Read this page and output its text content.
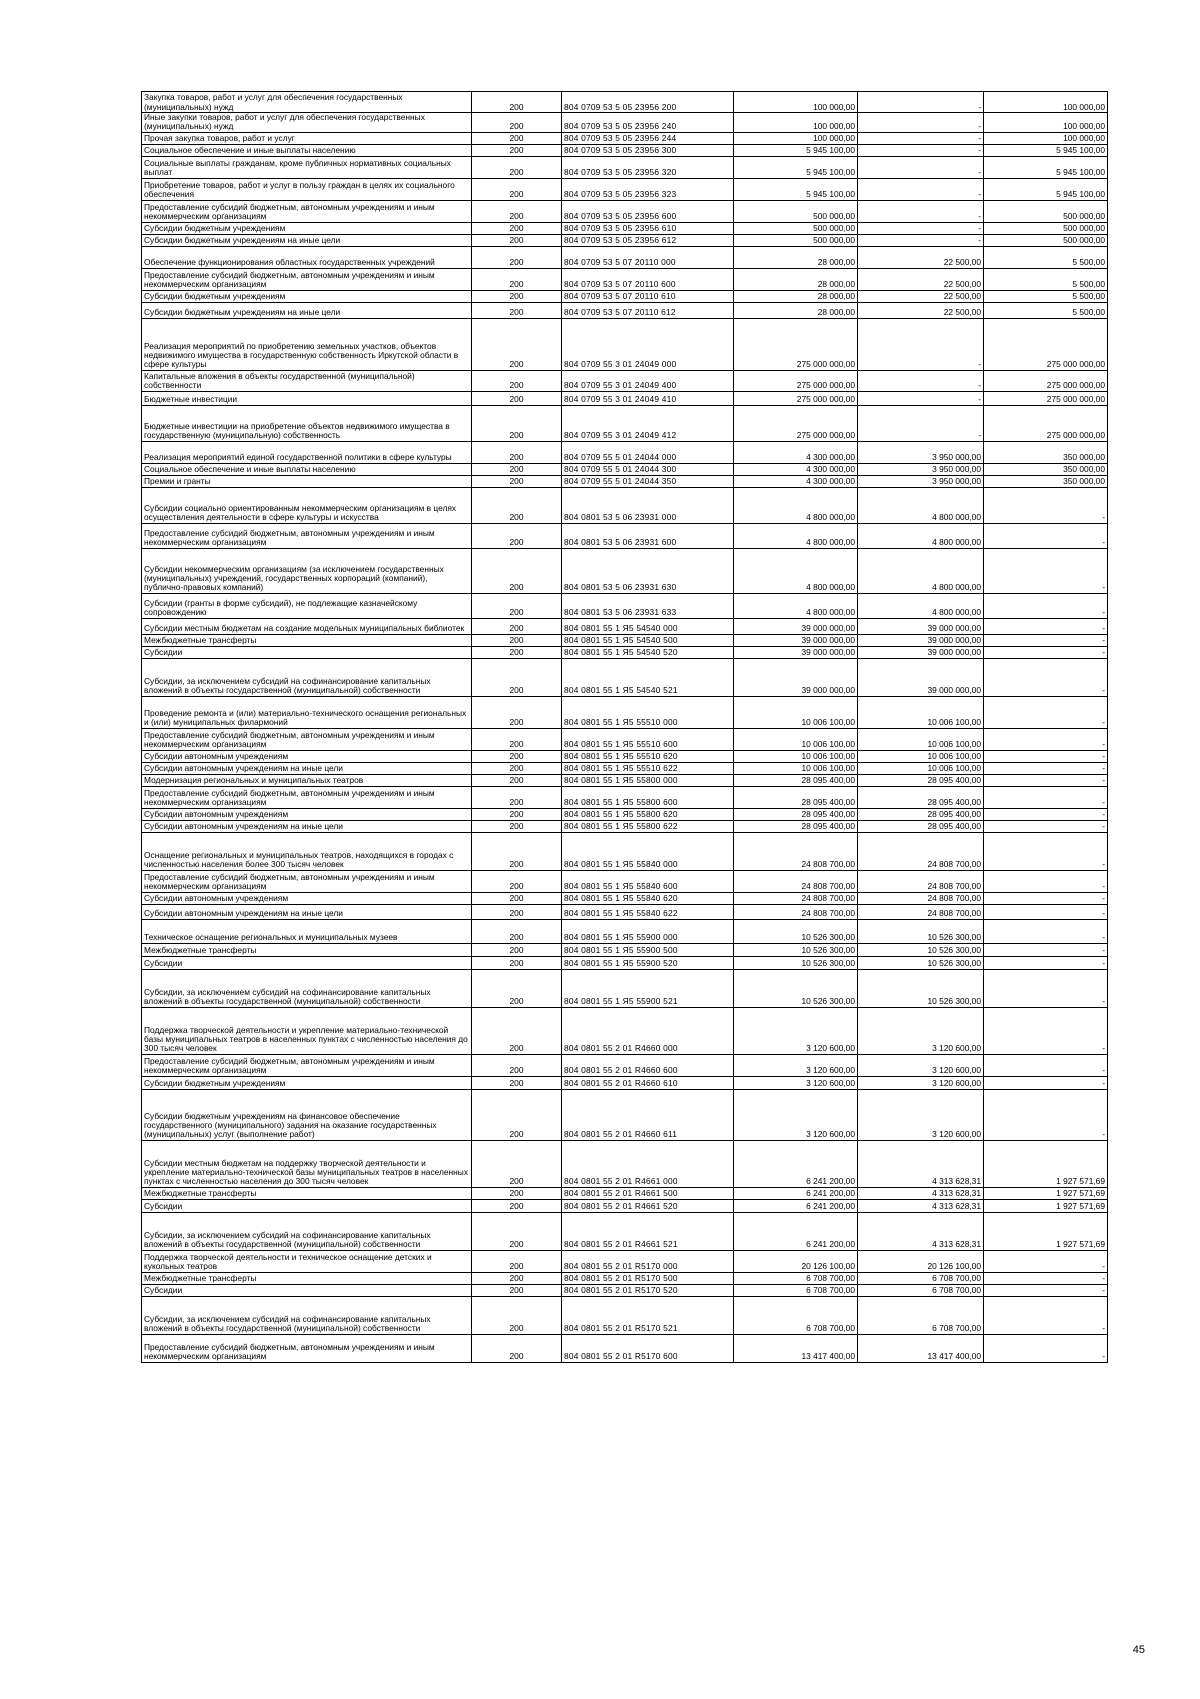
Закупка товаров, работ и услуг для обеспечения государственных (муниципальных) нужд	200	804 0709 53 5 05 23956 200	100 000,00	-	100 000,00
Иные закупки товаров, работ и услуг для обеспечения государственных (муниципальных) нужд	200	804 0709 53 5 05 23956 240	100 000,00	-	100 000,00
Прочая закупка товаров, работ и услуг	200	804 0709 53 5 05 23956 244	100 000,00	-	100 000,00
Социальное обеспечение и иные выплаты населению	200	804 0709 53 5 05 23956 300	5 945 100,00	-	5 945 100,00
Социальные выплаты гражданам, кроме публичных нормативных социальных выплат	200	804 0709 53 5 05 23956 320	5 945 100,00	-	5 945 100,00
Приобретение товаров, работ и услуг в пользу граждан в целях их социального обеспечения	200	804 0709 53 5 05 23956 323	5 945 100,00	-	5 945 100,00
Предоставление субсидий бюджетным, автономным учреждениям и иным некоммерческим организациям	200	804 0709 53 5 05 23956 600	500 000,00	-	500 000,00
Субсидии бюджетным учреждениям	200	804 0709 53 5 05 23956 610	500 000,00	-	500 000,00
Субсидии бюджетным учреждениям на иные цели	200	804 0709 53 5 05 23956 612	500 000,00	-	500 000,00
Обеспечение функционирования областных государственных учреждений	200	804 0709 53 5 07 20110 000	28 000,00	22 500,00	5 500,00
Предоставление субсидий бюджетным, автономным учреждениям и иным некоммерческим организациям	200	804 0709 53 5 07 20110 600	28 000,00	22 500,00	5 500,00
Субсидии бюджетным учреждениям	200	804 0709 53 5 07 20110 610	28 000,00	22 500,00	5 500,00
Субсидии бюджетным учреждениям на иные цели	200	804 0709 53 5 07 20110 612	28 000,00	22 500,00	5 500,00
Реализация мероприятий по приобретению земельных участков, объектов недвижимого имущества в государственную собственность Иркутской области в сфере культуры	200	804 0709 55 3 01 24049 000	275 000 000,00	-	275 000 000,00
Капитальные вложения в объекты государственной (муниципальной) собственности	200	804 0709 55 3 01 24049 400	275 000 000,00	-	275 000 000,00
Бюджетные инвестиции	200	804 0709 55 3 01 24049 410	275 000 000,00	-	275 000 000,00
Бюджетные инвестиции на приобретение объектов недвижимого имущества в государственную (муниципальную) собственность	200	804 0709 55 3 01 24049 412	275 000 000,00	-	275 000 000,00
Реализация мероприятий единой государственной политики в сфере культуры	200	804 0709 55 5 01 24044 000	4 300 000,00	3 950 000,00	350 000,00
Социальное обеспечение и иные выплаты населению	200	804 0709 55 5 01 24044 300	4 300 000,00	3 950 000,00	350 000,00
Премии и гранты	200	804 0709 55 5 01 24044 350	4 300 000,00	3 950 000,00	350 000,00
Субсидии социально ориентированным некоммерческим организациям в целях осуществления деятельности в сфере культуры и искусства	200	804 0801 53 5 06 23931 000	4 800 000,00	4 800 000,00	-
Предоставление субсидий бюджетным, автономным учреждениям и иным некоммерческим организациям	200	804 0801 53 5 06 23931 600	4 800 000,00	4 800 000,00	-
Субсидии некоммерческим организациям (за исключением государственных (муниципальных) учреждений, государственных корпораций (компаний), публично-правовых компаний)	200	804 0801 53 5 06 23931 630	4 800 000,00	4 800 000,00	-
Субсидии (гранты в форме субсидий), не подлежащие казначейскому сопровождению	200	804 0801 53 5 06 23931 633	4 800 000,00	4 800 000,00	-
Субсидии местным бюджетам на создание модельных муниципальных библиотек	200	804 0801 55 1 Я5 54540 000	39 000 000,00	39 000 000,00	-
Межбюджетные трансферты	200	804 0801 55 1 Я5 54540 500	39 000 000,00	39 000 000,00	-
Субсидии	200	804 0801 55 1 Я5 54540 520	39 000 000,00	39 000 000,00	-
Субсидии, за исключением субсидий на софинансирование капитальных вложений в объекты государственной (муниципальной) собственности	200	804 0801 55 1 Я5 54540 521	39 000 000,00	39 000 000,00	-
Проведение ремонта и (или) материально-технического оснащения региональных и (или) муниципальных филармоний	200	804 0801 55 1 Я5 55510 000	10 006 100,00	10 006 100,00	-
Предоставление субсидий бюджетным, автономным учреждениям и иным некоммерческим организациям	200	804 0801 55 1 Я5 55510 600	10 006 100,00	10 006 100,00	-
Субсидии автономным учреждениям	200	804 0801 55 1 Я5 55510 620	10 006 100,00	10 006 100,00	-
Субсидии автономным учреждениям на иные цели	200	804 0801 55 1 Я5 55510 622	10 006 100,00	10 006 100,00	-
Модернизация региональных и муниципальных театров	200	804 0801 55 1 Я5 55800 000	28 095 400,00	28 095 400,00	-
Предоставление субсидий бюджетным, автономным учреждениям и иным некоммерческим организациям	200	804 0801 55 1 Я5 55800 600	28 095 400,00	28 095 400,00	-
Субсидии автономным учреждениям	200	804 0801 55 1 Я5 55800 620	28 095 400,00	28 095 400,00	-
Субсидии автономным учреждениям на иные цели	200	804 0801 55 1 Я5 55800 622	28 095 400,00	28 095 400,00	-
Оснащение региональных и муниципальных театров, находящихся в городах с численностью населения более 300 тысяч человек	200	804 0801 55 1 Я5 55840 000	24 808 700,00	24 808 700,00	-
Предоставление субсидий бюджетным, автономным учреждениям и иным некоммерческим организациям	200	804 0801 55 1 Я5 55840 600	24 808 700,00	24 808 700,00	-
Субсидии автономным учреждениям	200	804 0801 55 1 Я5 55840 620	24 808 700,00	24 808 700,00	-
Субсидии автономным учреждениям на иные цели	200	804 0801 55 1 Я5 55840 622	24 808 700,00	24 808 700,00	-
Техническое оснащение региональных и муниципальных музеев	200	804 0801 55 1 Я5 55900 000	10 526 300,00	10 526 300,00	-
Межбюджетные трансферты	200	804 0801 55 1 Я5 55900 500	10 526 300,00	10 526 300,00	-
Субсидии	200	804 0801 55 1 Я5 55900 520	10 526 300,00	10 526 300,00	-
Субсидии, за исключением субсидий на софинансирование капитальных вложений в объекты государственной (муниципальной) собственности	200	804 0801 55 1 Я5 55900 521	10 526 300,00	10 526 300,00	-
Поддержка творческой деятельности и укрепление материально-технической базы муниципальных театров в населенных пунктах с численностью населения до 300 тысяч человек	200	804 0801 55 2 01 R4660 000	3 120 600,00	3 120 600,00	-
Предоставление субсидий бюджетным, автономным учреждениям и иным некоммерческим организациям	200	804 0801 55 2 01 R4660 600	3 120 600,00	3 120 600,00	-
Субсидии бюджетным учреждениям	200	804 0801 55 2 01 R4660 610	3 120 600,00	3 120 600,00	-
Субсидии бюджетным учреждениям на финансовое обеспечение государственного (муниципального) задания на оказание государственных (муниципальных) услуг (выполнение работ)	200	804 0801 55 2 01 R4660 611	3 120 600,00	3 120 600,00	-
Субсидии местным бюджетам на поддержку творческой деятельности и укрепление материально-технической базы муниципальных театров в населенных пунктах с численностью населения до 300 тысяч человек	200	804 0801 55 2 01 R4661 000	6 241 200,00	4 313 628,31	1 927 571,69
Межбюджетные трансферты	200	804 0801 55 2 01 R4661 500	6 241 200,00	4 313 628,31	1 927 571,69
Субсидии	200	804 0801 55 2 01 R4661 520	6 241 200,00	4 313 628,31	1 927 571,69
Субсидии, за исключением субсидий на софинансирование капитальных вложений в объекты государственной (муниципальной) собственности	200	804 0801 55 2 01 R4661 521	6 241 200,00	4 313 628,31	1 927 571,69
Поддержка творческой деятельности и техническое оснащение детских и кукольных театров	200	804 0801 55 2 01 R5170 000	20 126 100,00	20 126 100,00	-
Межбюджетные трансферты	200	804 0801 55 2 01 R5170 500	6 708 700,00	6 708 700,00	-
Субсидии	200	804 0801 55 2 01 R5170 520	6 708 700,00	6 708 700,00	-
Субсидии, за исключением субсидий на софинансирование капитальных вложений в объекты государственной (муниципальной) собственности	200	804 0801 55 2 01 R5170 521	6 708 700,00	6 708 700,00	-
Предоставление субсидий бюджетным, автономным учреждениям и иным некоммерческим организациям	200	804 0801 55 2 01 R5170 600	13 417 400,00	13 417 400,00	-
45
